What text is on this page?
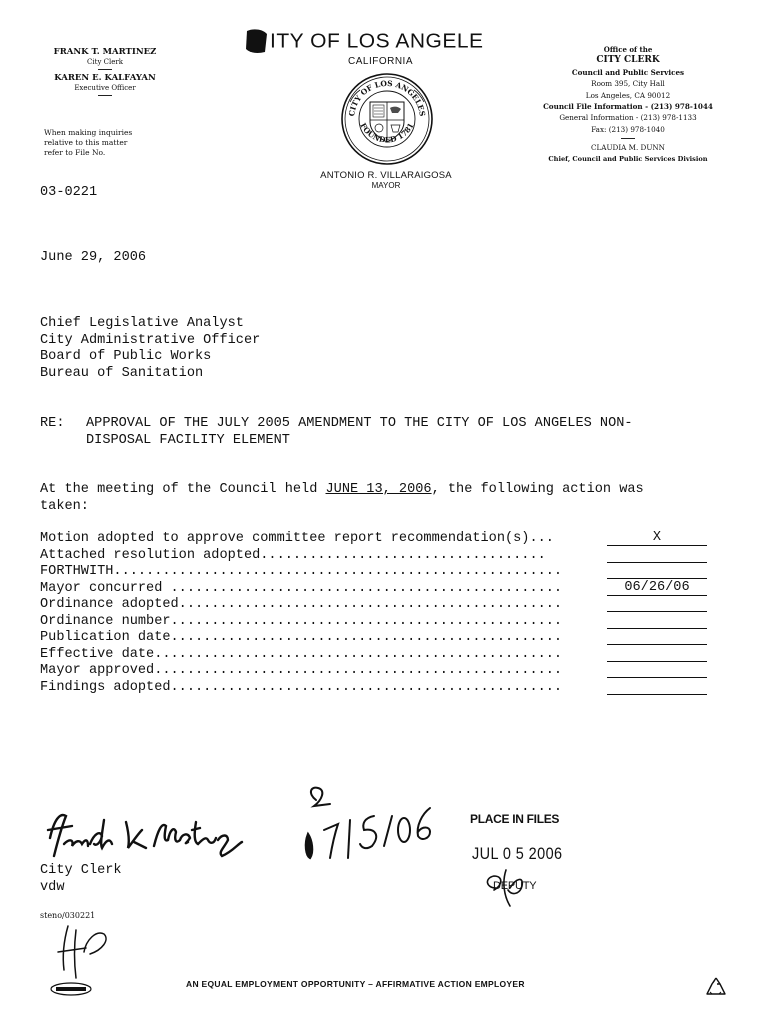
FRANK T. MARTINEZ
City Clerk
KAREN E. KALFAYAN
Executive Officer
When making inquiries
relative to this matter
refer to File No.
ITY OF LOS ANGELE
CALIFORNIA
CITY OF LOS ANGELES
FOUNDED 1781
ANTONIO R. VILLARAIGOSA
MAYOR
Office of the
CITY CLERK
Council and Public Services
Room 395, City Hall
Los Angeles, CA 90012
Council File Information - (213) 978-1044
General Information - (213) 978-1133
Fax: (213) 978-1040
CLAUDIA M. DUNN
Chief, Council and Public Services Division
03-0221
June 29, 2006
Chief Legislative Analyst
City Administrative Officer
Board of Public Works
Bureau of Sanitation
RE: APPROVAL OF THE JULY 2005 AMENDMENT TO THE CITY OF LOS ANGELES NON-
DISPOSAL FACILITY ELEMENT
At the meeting of the Council held JUNE 13, 2006, the following action was
taken:
Motion adopted to approve committee report recommendation(s)...	X
Attached resolution adopted...................................
FORTHWITH.......................................................
Mayor concurred ................................................	06/26/06
Ordinance adopted...............................................
Ordinance number................................................
Publication date................................................
Effective date..................................................
Mayor approved..................................................
Findings adopted................................................
PLACE IN FILES
JUL 0 5 2006
DEPUTY
City Clerk
vdw
steno/030221
AN EQUAL EMPLOYMENT OPPORTUNITY – AFFIRMATIVE ACTION EMPLOYER
